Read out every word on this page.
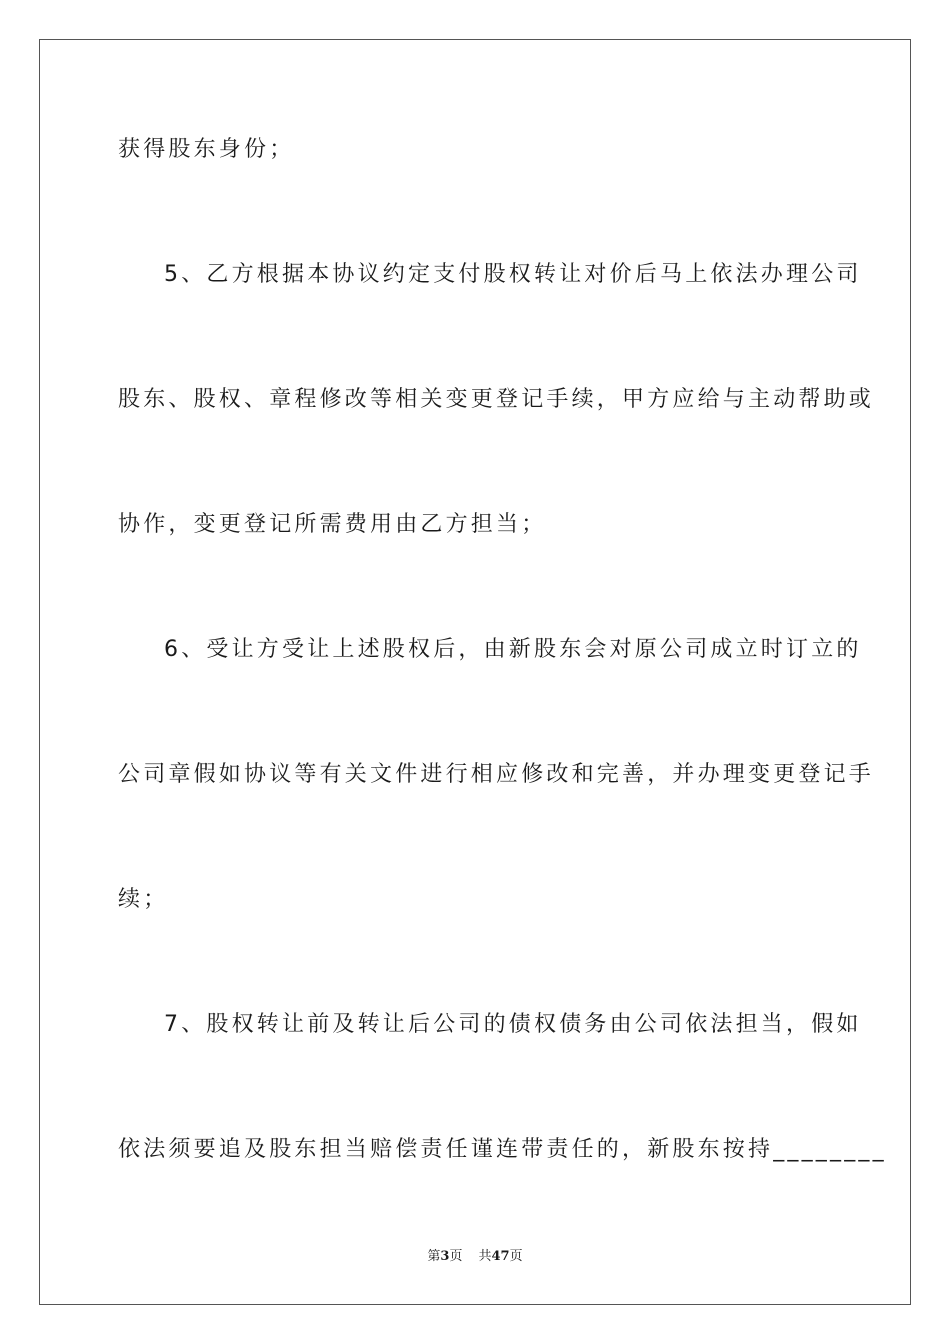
获得股东身份；
5、乙方根据本协议约定支付股权转让对价后马上依法办理公司
股东、股权、章程修改等相关变更登记手续，甲方应给与主动帮助或
协作，变更登记所需费用由乙方担当；
6、受让方受让上述股权后，由新股东会对原公司成立时订立的
公司章假如协议等有关文件进行相应修改和完善，并办理变更登记手
续；
7、股权转让前及转让后公司的债权债务由公司依法担当，假如
依法须要追及股东担当赔偿责任谨连带责任的，新股东按持________
第3页 共47页
